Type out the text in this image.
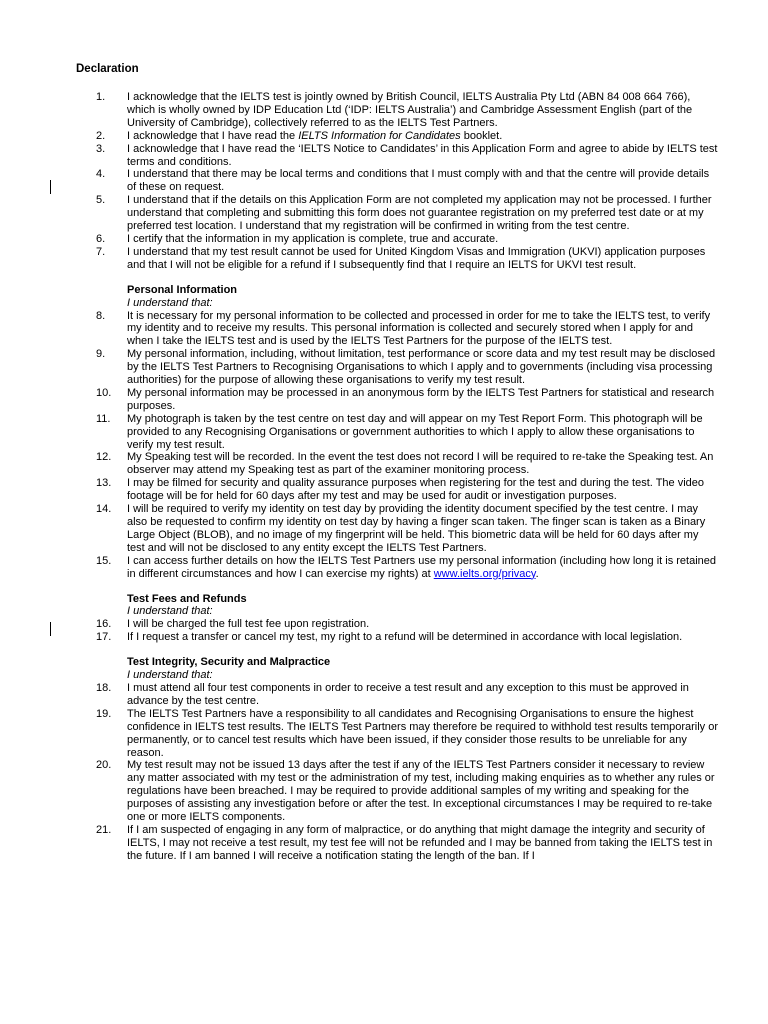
Declaration
1. I acknowledge that the IELTS test is jointly owned by British Council, IELTS Australia Pty Ltd (ABN 84 008 664 766), which is wholly owned by IDP Education Ltd (‘IDP: IELTS Australia’) and Cambridge Assessment English (part of the University of Cambridge), collectively referred to as the IELTS Test Partners.
2. I acknowledge that I have read the IELTS Information for Candidates booklet.
3. I acknowledge that I have read the ‘IELTS Notice to Candidates’ in this Application Form and agree to abide by IELTS test terms and conditions.
4. I understand that there may be local terms and conditions that I must comply with and that the centre will provide details of these on request.
5. I understand that if the details on this Application Form are not completed my application may not be processed. I further understand that completing and submitting this form does not guarantee registration on my preferred test date or at my preferred test location. I understand that my registration will be confirmed in writing from the test centre.
6. I certify that the information in my application is complete, true and accurate.
7. I understand that my test result cannot be used for United Kingdom Visas and Immigration (UKVI) application purposes and that I will not be eligible for a refund if I subsequently find that I require an IELTS for UKVI test result.
Personal Information
I understand that:
8. It is necessary for my personal information to be collected and processed in order for me to take the IELTS test, to verify my identity and to receive my results. This personal information is collected and securely stored when I apply for and when I take the IELTS test and is used by the IELTS Test Partners for the purpose of the IELTS test.
9. My personal information, including, without limitation, test performance or score data and my test result may be disclosed by the IELTS Test Partners to Recognising Organisations to which I apply and to governments (including visa processing authorities) for the purpose of allowing these organisations to verify my test result.
10. My personal information may be processed in an anonymous form by the IELTS Test Partners for statistical and research purposes.
11. My photograph is taken by the test centre on test day and will appear on my Test Report Form. This photograph will be provided to any Recognising Organisations or government authorities to which I apply to allow these organisations to verify my test result.
12. My Speaking test will be recorded. In the event the test does not record I will be required to re-take the Speaking test. An observer may attend my Speaking test as part of the examiner monitoring process.
13. I may be filmed for security and quality assurance purposes when registering for the test and during the test. The video footage will be for held for 60 days after my test and may be used for audit or investigation purposes.
14. I will be required to verify my identity on test day by providing the identity document specified by the test centre. I may also be requested to confirm my identity on test day by having a finger scan taken. The finger scan is taken as a Binary Large Object (BLOB), and no image of my fingerprint will be held. This biometric data will be held for 60 days after my test and will not be disclosed to any entity except the IELTS Test Partners.
15. I can access further details on how the IELTS Test Partners use my personal information (including how long it is retained in different circumstances and how I can exercise my rights) at www.ielts.org/privacy.
Test Fees and Refunds
I understand that:
16. I will be charged the full test fee upon registration.
17. If I request a transfer or cancel my test, my right to a refund will be determined in accordance with local legislation.
Test Integrity, Security and Malpractice
I understand that:
18. I must attend all four test components in order to receive a test result and any exception to this must be approved in advance by the test centre.
19. The IELTS Test Partners have a responsibility to all candidates and Recognising Organisations to ensure the highest confidence in IELTS test results. The IELTS Test Partners may therefore be required to withhold test results temporarily or permanently, or to cancel test results which have been issued, if they consider those results to be unreliable for any reason.
20. My test result may not be issued 13 days after the test if any of the IELTS Test Partners consider it necessary to review any matter associated with my test or the administration of my test, including making enquiries as to whether any rules or regulations have been breached. I may be required to provide additional samples of my writing and speaking for the purposes of assisting any investigation before or after the test. In exceptional circumstances I may be required to re-take one or more IELTS components.
21. If I am suspected of engaging in any form of malpractice, or do anything that might damage the integrity and security of IELTS, I may not receive a test result, my test fee will not be refunded and I may be banned from taking the IELTS test in the future. If I am banned I will receive a notification stating the length of the ban. If I
